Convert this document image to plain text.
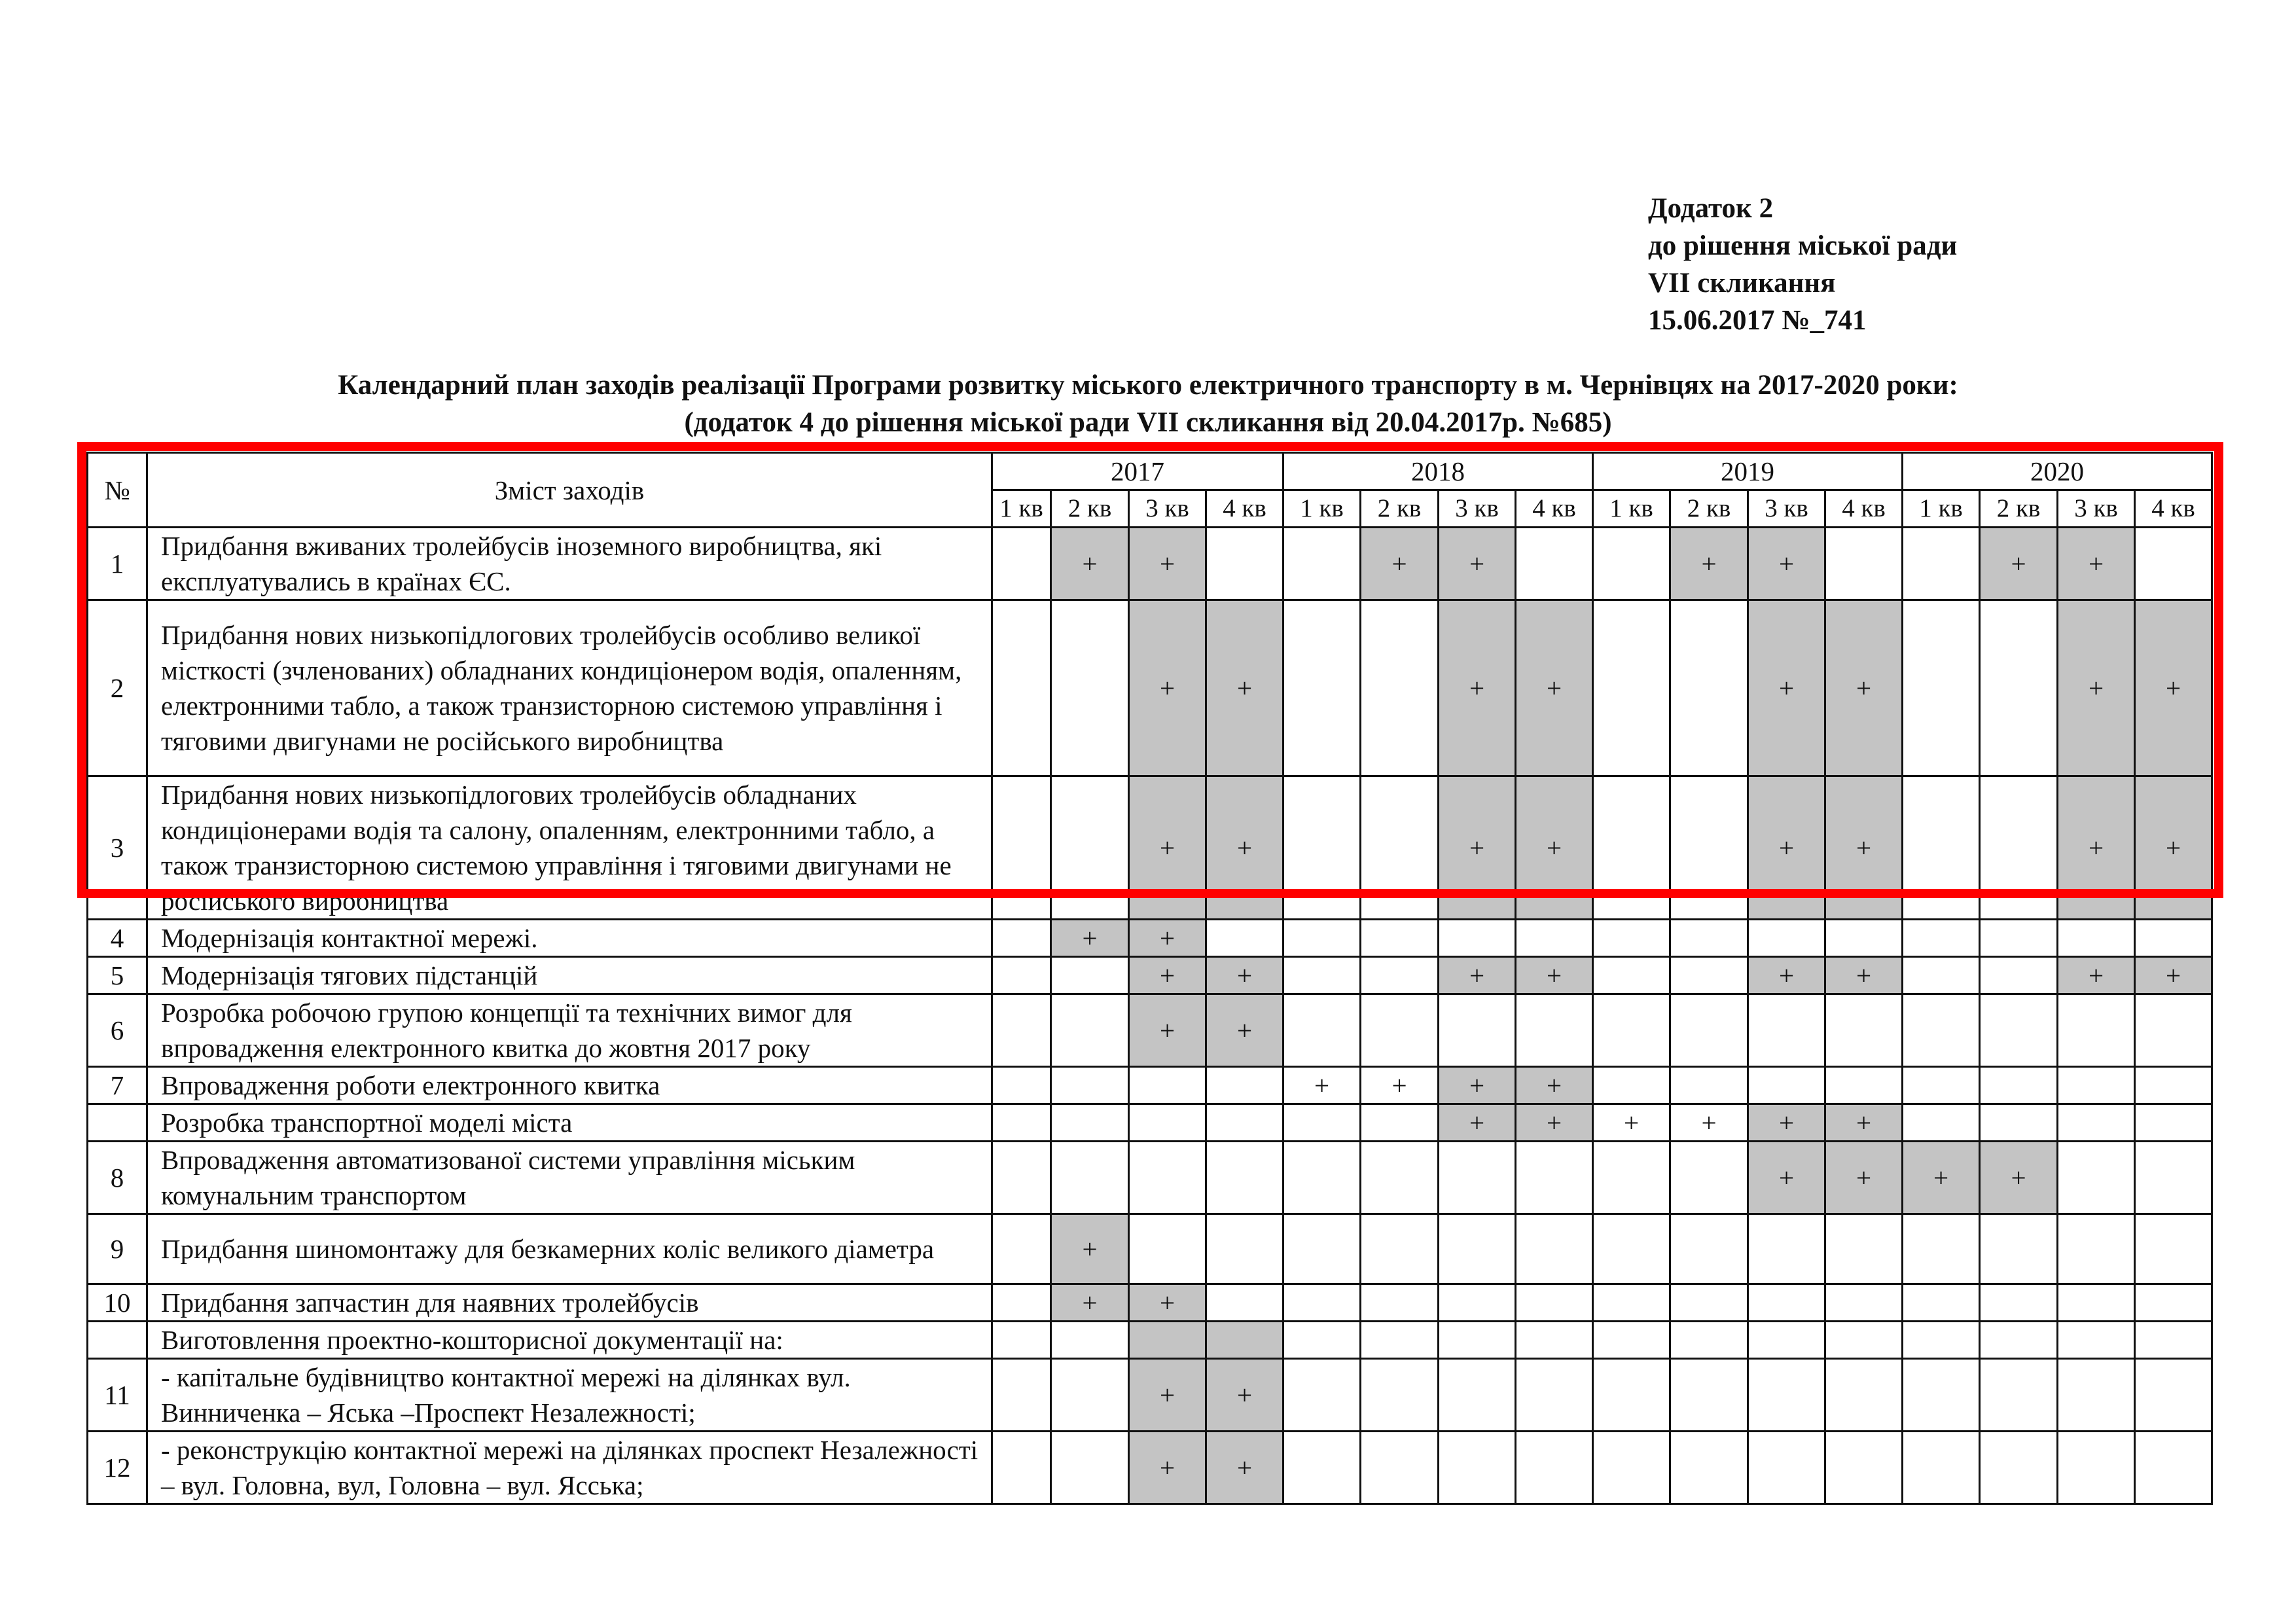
Додаток 2
до рішення міської ради
VII скликання
15.06.2017 №_741
Календарний план заходів реалізації Програми розвитку міського електричного транспорту в м. Чернівцях на 2017-2020 роки:
(додаток 4 до рішення міської ради VII скликання від 20.04.2017р. №685)
№	Зміст заходів	2017				2018				2019				2020			
		1 кв	2 кв	3 кв	4 кв	1 кв	2 кв	3 кв	4 кв	1 кв	2 кв	3 кв	4 кв	1 кв	2 кв	3 кв	4 кв
1	Придбання вживаних тролейбусів іноземного виробництва, які експлуатувались в країнах ЄС.		+	+			+	+			+	+			+	+	
2	Придбання нових низькопідлогових тролейбусів особливо великої місткості (зчленованих) обладнаних кондиціонером водія, опаленням, електронними табло, а також транзисторною системою управління і тяговими двигунами не російського виробництва			+	+			+	+			+	+			+	+
3	Придбання нових низькопідлогових тролейбусів обладнаних кондиціонерами водія та салону, опаленням, електронними табло, а також транзисторною системою управління і тяговими двигунами не російського виробництва			+	+			+	+			+	+			+	+
4	Модернізація контактної мережі.		+	+													
5	Модернізація тягових підстанцій			+	+			+	+			+	+			+	+
6	Розробка робочою групою концепції та технічних вимог для впровадження електронного квитка до жовтня 2017 року			+	+												
7	Впровадження роботи електронного квитка					+	+	+	+								
	Розробка транспортної моделі міста							+	+	+	+	+	+				
8	Впровадження автоматизованої системи управління міським комунальним транспортом											+	+	+	+		
9	Придбання шиномонтажу для безкамерних коліс великого діаметра		+														
10	Придбання запчастин для наявних тролейбусів		+	+													
	Виготовлення проектно-кошторисної документації на:																
11	- капітальне будівництво контактної мережі на ділянках вул. Винниченка – Яська –Проспект Незалежності;			+	+												
12	- реконструкцію контактної мережі на ділянках проспект Незалежності – вул. Головна, вул, Головна – вул. Ясська;			+	+												
